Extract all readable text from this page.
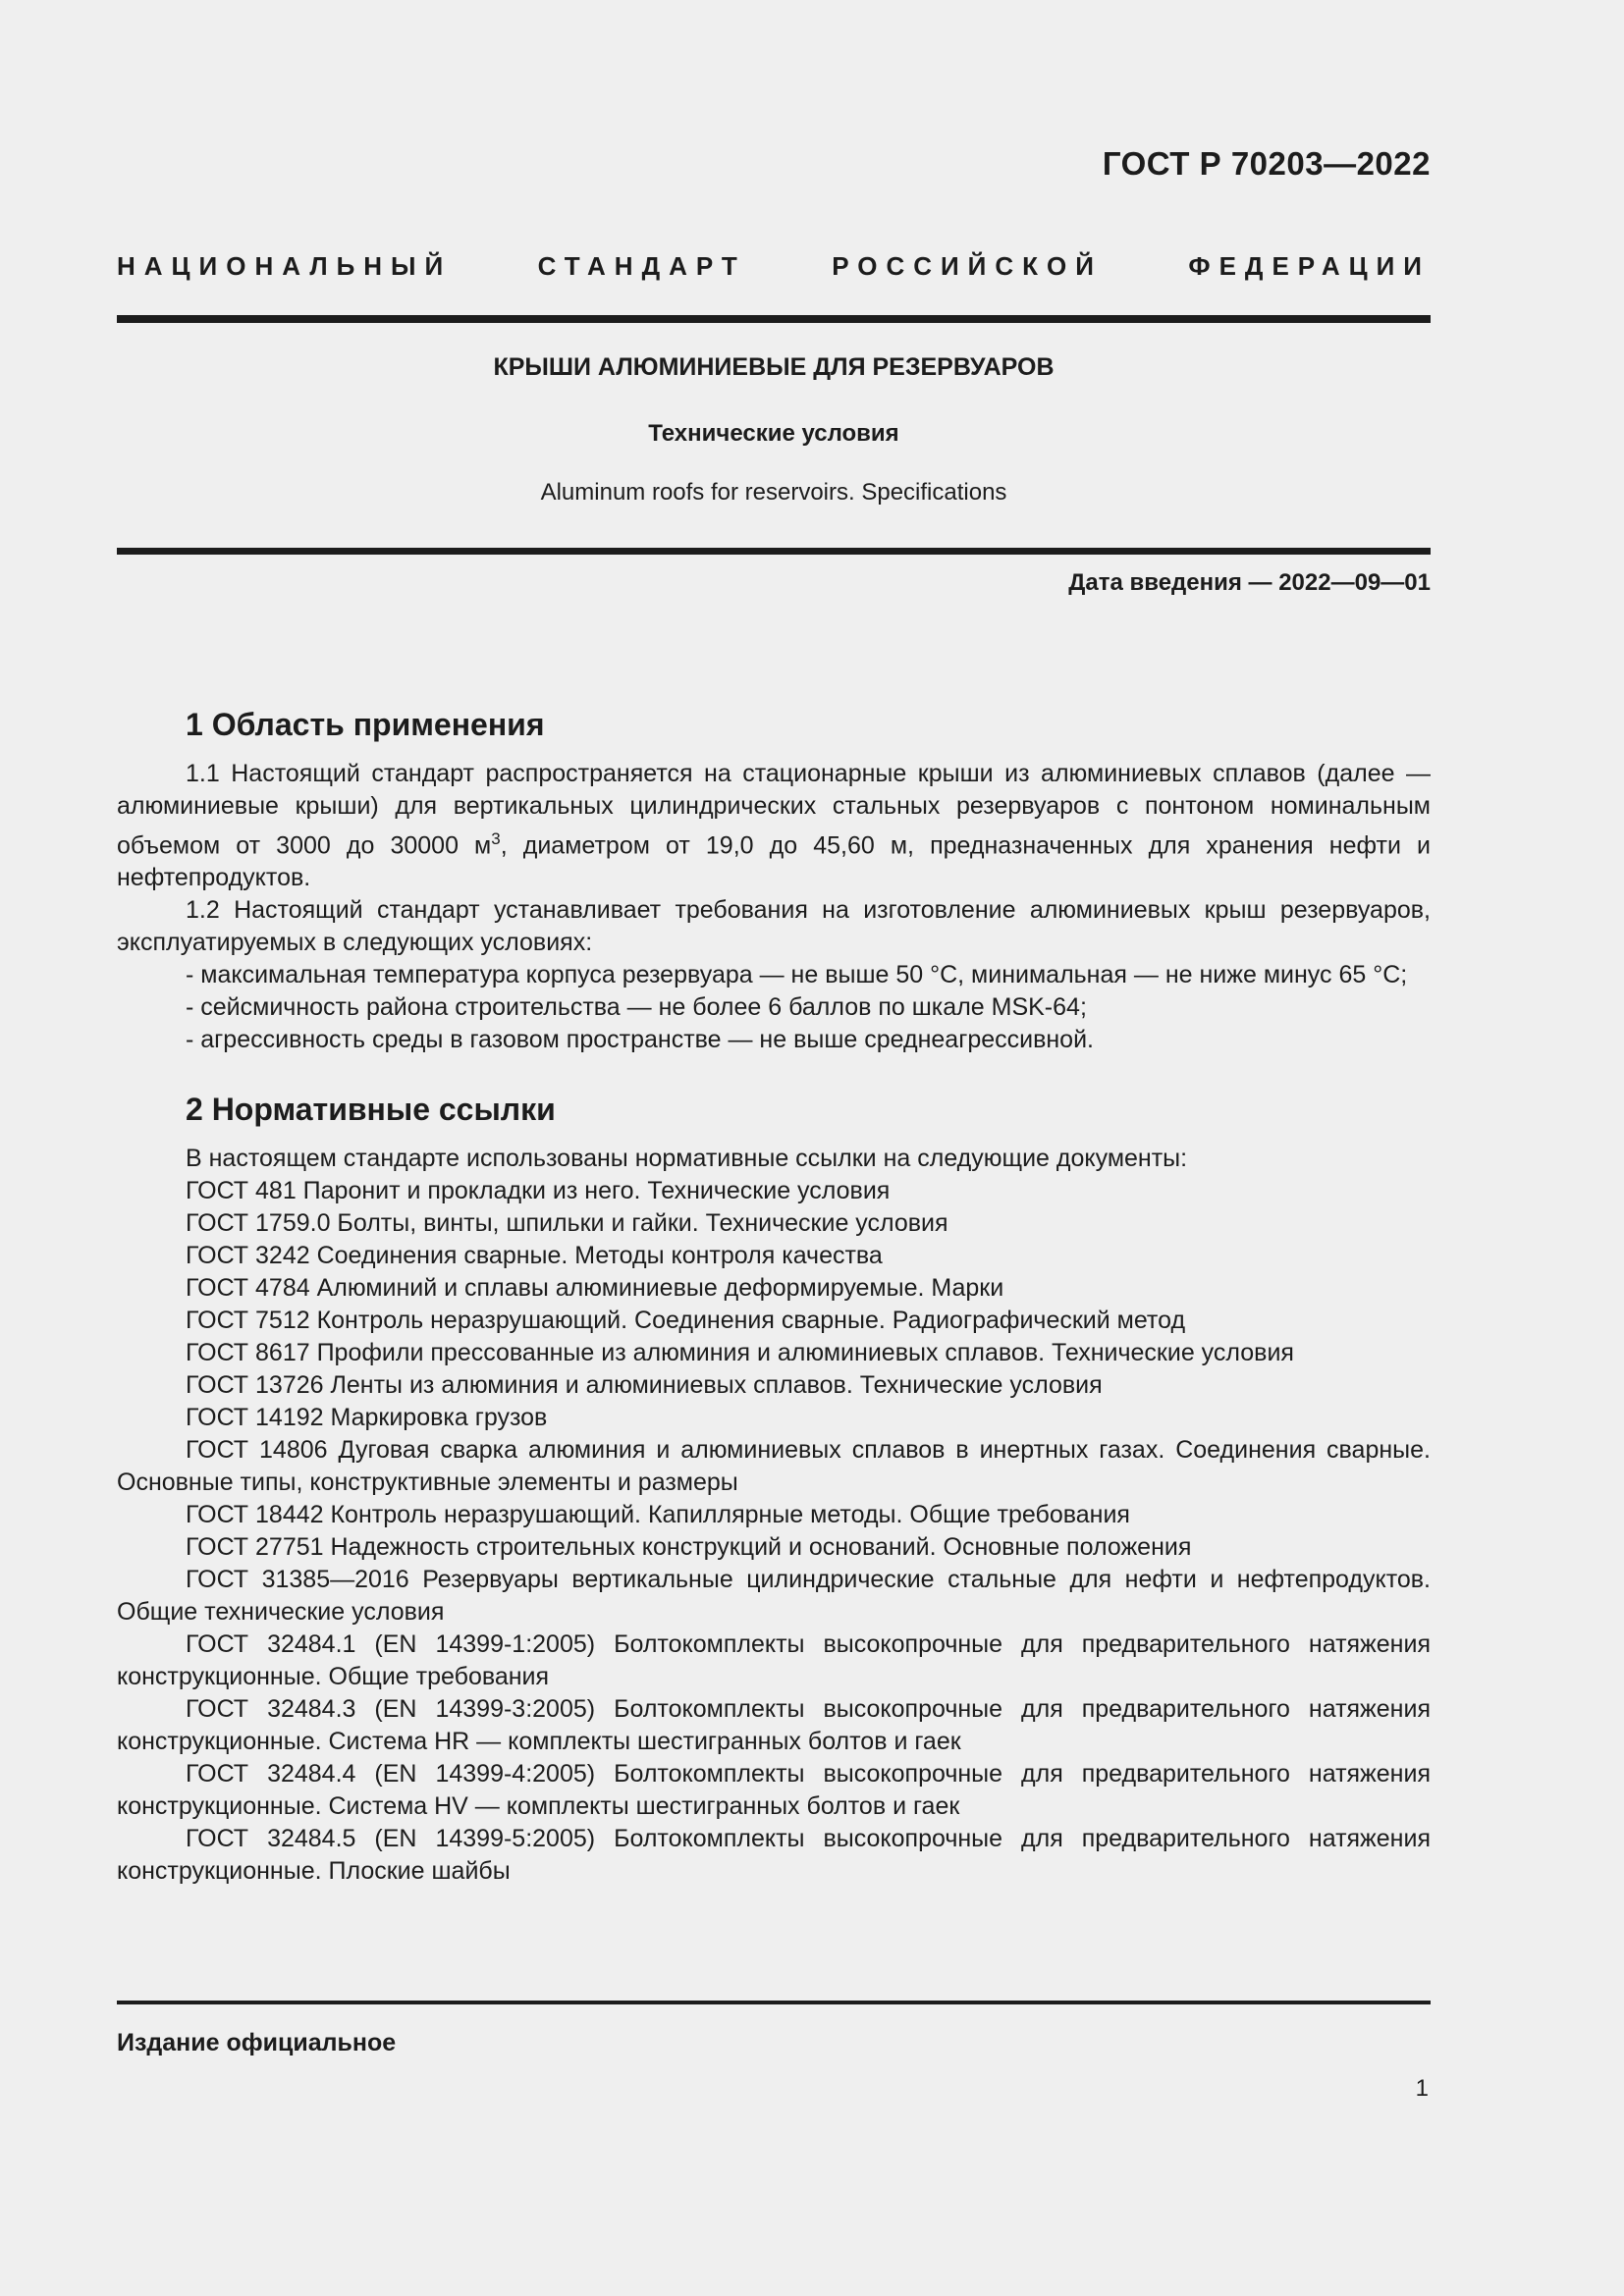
ГОСТ Р 70203—2022
НАЦИОНАЛЬНЫЙ СТАНДАРТ РОССИЙСКОЙ ФЕДЕРАЦИИ
КРЫШИ АЛЮМИНИЕВЫЕ ДЛЯ РЕЗЕРВУАРОВ
Технические условия
Aluminum roofs for reservoirs. Specifications
Дата введения — 2022—09—01
1 Область применения

1.1 Настоящий стандарт распространяется на стационарные крыши из алюминиевых сплавов (далее — алюминиевые крыши) для вертикальных цилиндрических стальных резервуаров с понтоном номинальным объемом от 3000 до 30000 $м^3$, диаметром от 19,0 до 45,60 м, предназначенных для хранения нефти и нефтепродуктов.

1.2 Настоящий стандарт устанавливает требования на изготовление алюминиевых крыш резервуаров, эксплуатируемых в следующих условиях:

- максимальная температура корпуса резервуара — не выше 50 °С, минимальная — не ниже минус 65 °С;

- сейсмичность района строительства — не более 6 баллов по шкале MSK-64;

- агрессивность среды в газовом пространстве — не выше среднеагрессивной.

2 Нормативные ссылки

В настоящем стандарте использованы нормативные ссылки на следующие документы:

ГОСТ 481 Паронит и прокладки из него. Технические условия

ГОСТ 1759.0 Болты, винты, шпильки и гайки. Технические условия

ГОСТ 3242 Соединения сварные. Методы контроля качества

ГОСТ 4784 Алюминий и сплавы алюминиевые деформируемые. Марки

ГОСТ 7512 Контроль неразрушающий. Соединения сварные. Радиографический метод

ГОСТ 8617 Профили прессованные из алюминия и алюминиевых сплавов. Технические условия

ГОСТ 13726 Ленты из алюминия и алюминиевых сплавов. Технические условия

ГОСТ 14192 Маркировка грузов

ГОСТ 14806 Дуговая сварка алюминия и алюминиевых сплавов в инертных газах. Соединения сварные. Основные типы, конструктивные элементы и размеры

ГОСТ 18442 Контроль неразрушающий. Капиллярные методы. Общие требования

ГОСТ 27751 Надежность строительных конструкций и оснований. Основные положения

ГОСТ 31385—2016 Резервуары вертикальные цилиндрические стальные для нефти и нефтепродуктов. Общие технические условия

ГОСТ 32484.1 (EN 14399-1:2005) Болтокомплекты высокопрочные для предварительного натяжения конструкционные. Общие требования

ГОСТ 32484.3 (EN 14399-3:2005) Болтокомплекты высокопрочные для предварительного натяжения конструкционные. Система HR — комплекты шестигранных болтов и гаек

ГОСТ 32484.4 (EN 14399-4:2005) Болтокомплекты высокопрочные для предварительного натяжения конструкционные. Система HV — комплекты шестигранных болтов и гаек

ГОСТ 32484.5 (EN 14399-5:2005) Болтокомплекты высокопрочные для предварительного натяжения конструкционные. Плоские шайбы

Издание официальное
1
